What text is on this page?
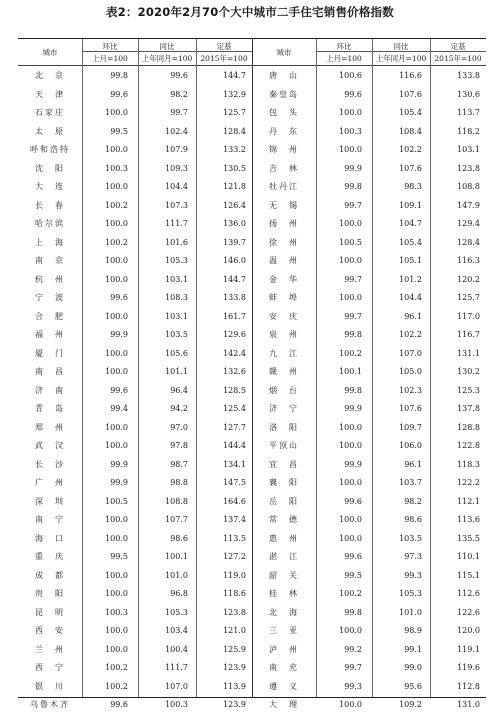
表2：2020年2月70个大中城市二手住宅销售价格指数
城市
环比	同比	定基
上月=100	上年同月=100	2015年=100
城市
环比	同比	定基
上月=100	上年同月=100	2015年=100
北　京	99.8	99.6	144.7	唐　山	100.6	116.6	133.8
天　津	99.6	98.2	132.9	秦皇岛	99.6	107.6	130.6
石家庄	100.0	99.7	125.7	包　头	100.0	105.4	113.7
太　原	99.5	102.4	128.4	丹　东	100.3	108.4	118.2
呼和浩特	100.0	107.9	133.2	锦　州	100.0	102.2	103.1
沈　阳	100.3	109.3	130.5	吉　林	99.9	107.6	123.8
大　连	100.0	104.4	121.8	牡丹江	99.8	98.3	108.8
长　春	100.2	107.3	126.4	无　锡	99.7	109.1	147.9
哈尔滨	100.0	111.7	136.0	扬　州	100.0	104.7	129.4
上　海	100.2	101.6	139.7	徐　州	100.5	105.4	128.4
南　京	100.0	105.3	146.0	温　州	100.0	105.1	116.3
杭　州	100.0	103.1	144.7	金　华	99.7	101.2	120.2
宁　波	99.6	108.3	133.8	蚌　埠	100.0	104.4	125.7
合　肥	100.0	103.1	161.7	安　庆	99.7	96.1	117.0
福　州	99.9	103.5	129.6	泉　州	99.8	102.2	116.7
厦　门	100.0	105.6	142.4	九　江	100.2	107.0	131.1
南　昌	100.0	101.1	132.6	赣　州	100.1	105.0	130.2
济　南	99.6	96.4	128.5	烟　台	99.8	102.3	125.3
青　岛	99.4	94.2	125.4	济　宁	99.9	107.6	137.8
郑　州	100.0	97.0	127.7	洛　阳	100.0	109.7	128.8
武　汉	100.0	97.8	144.4	平顶山	100.0	106.0	122.8
长　沙	99.9	98.7	134.1	宜　昌	99.9	96.1	118.3
广　州	99.9	98.8	147.5	襄　阳	100.0	103.7	122.2
深　圳	100.5	108.8	164.6	岳　阳	99.6	98.2	112.1
南　宁	100.0	107.7	137.4	常　德	100.0	98.6	113.6
海　口	100.0	98.6	113.5	惠　州	100.0	103.5	135.5
重　庆	99.5	100.1	127.2	湛　江	99.6	97.3	110.1
成　都	100.0	101.0	119.0	韶　关	99.5	99.3	115.1
贵　阳	100.0	96.8	118.6	桂　林	100.2	105.3	112.6
昆　明	100.3	105.3	123.8	北　海	99.8	101.0	122.6
西　安	100.0	103.4	121.0	三　亚	100.0	98.9	120.0
兰　州	100.0	100.4	125.9	泸　州	99.2	99.1	119.1
西　宁	100.2	111.7	123.9	南　充	99.7	99.0	119.6
银　川	100.2	107.0	113.9	遵　义	99.3	95.6	112.8
乌鲁木齐	99.6	100.3	123.9	大　理	100.0	109.2	131.0
